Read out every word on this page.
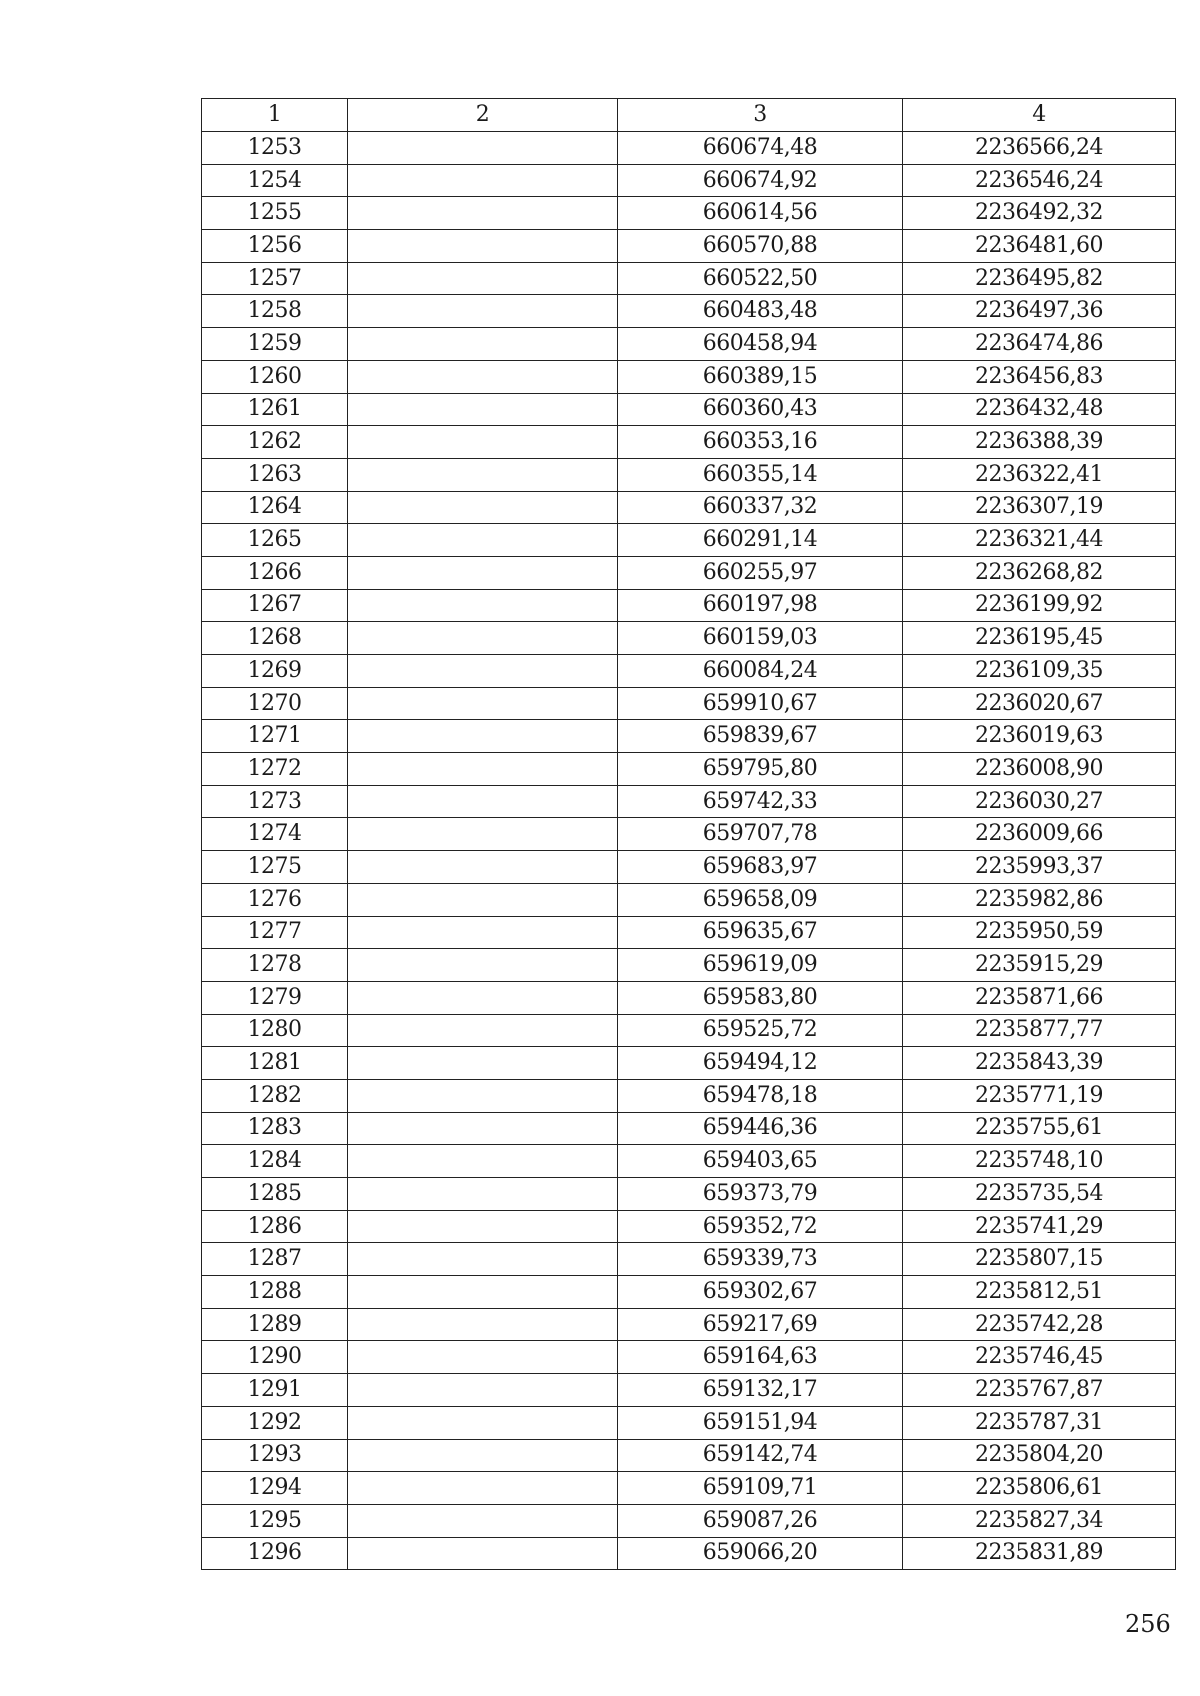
1	2	3	4
1253		660674,48	2236566,24
1254		660674,92	2236546,24
1255		660614,56	2236492,32
1256		660570,88	2236481,60
1257		660522,50	2236495,82
1258		660483,48	2236497,36
1259		660458,94	2236474,86
1260		660389,15	2236456,83
1261		660360,43	2236432,48
1262		660353,16	2236388,39
1263		660355,14	2236322,41
1264		660337,32	2236307,19
1265		660291,14	2236321,44
1266		660255,97	2236268,82
1267		660197,98	2236199,92
1268		660159,03	2236195,45
1269		660084,24	2236109,35
1270		659910,67	2236020,67
1271		659839,67	2236019,63
1272		659795,80	2236008,90
1273		659742,33	2236030,27
1274		659707,78	2236009,66
1275		659683,97	2235993,37
1276		659658,09	2235982,86
1277		659635,67	2235950,59
1278		659619,09	2235915,29
1279		659583,80	2235871,66
1280		659525,72	2235877,77
1281		659494,12	2235843,39
1282		659478,18	2235771,19
1283		659446,36	2235755,61
1284		659403,65	2235748,10
1285		659373,79	2235735,54
1286		659352,72	2235741,29
1287		659339,73	2235807,15
1288		659302,67	2235812,51
1289		659217,69	2235742,28
1290		659164,63	2235746,45
1291		659132,17	2235767,87
1292		659151,94	2235787,31
1293		659142,74	2235804,20
1294		659109,71	2235806,61
1295		659087,26	2235827,34
1296		659066,20	2235831,89
256
